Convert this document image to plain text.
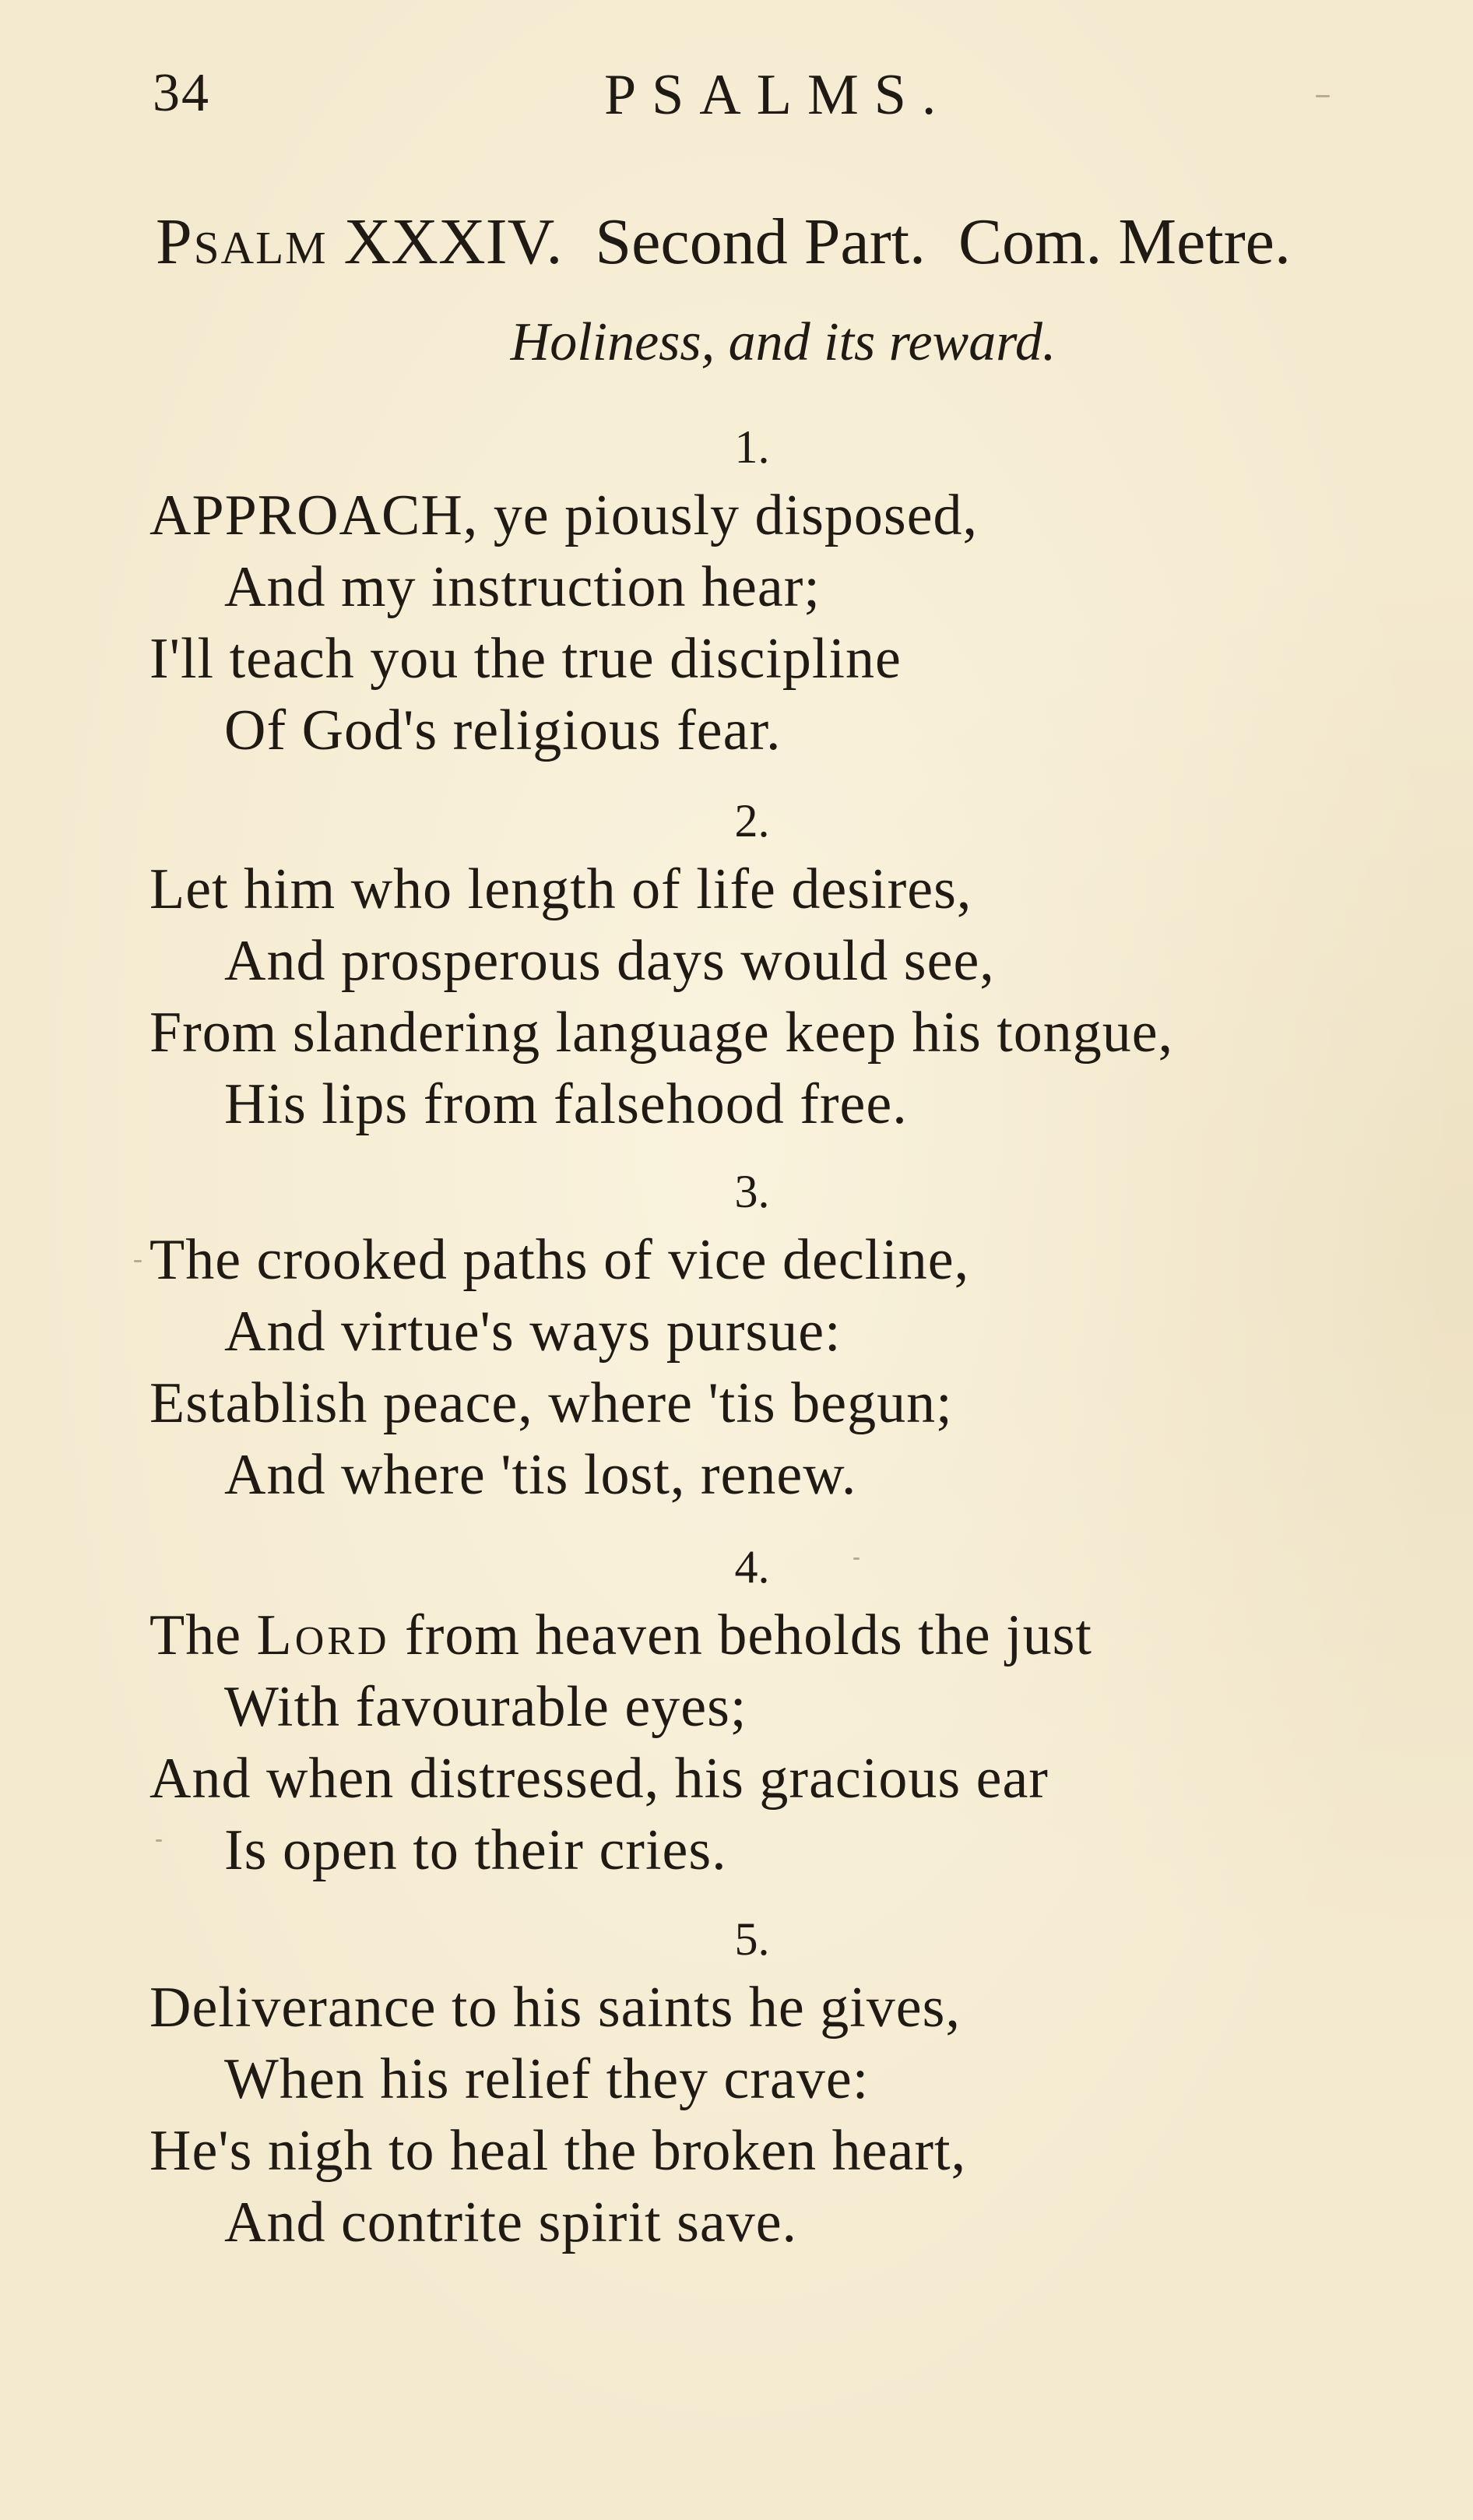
34	PSALMS.
Psalm XXXIV.  Second Part.  Com. Metre.
Holiness, and its reward.
1.
APPROACH, ye piously disposed,
And my instruction hear;
I'll teach you the true discipline
Of God's religious fear.
2.
Let him who length of life desires,
And prosperous days would see,
From slandering language keep his tongue,
His lips from falsehood free.
3.
The crooked paths of vice decline,
And virtue's ways pursue:
Establish peace, where 'tis begun;
And where 'tis lost, renew.
4.
The Lord from heaven beholds the just
With favourable eyes;
And when distressed, his gracious ear
Is open to their cries.
5.
Deliverance to his saints he gives,
When his relief they crave:
He's nigh to heal the broken heart,
And contrite spirit save.
